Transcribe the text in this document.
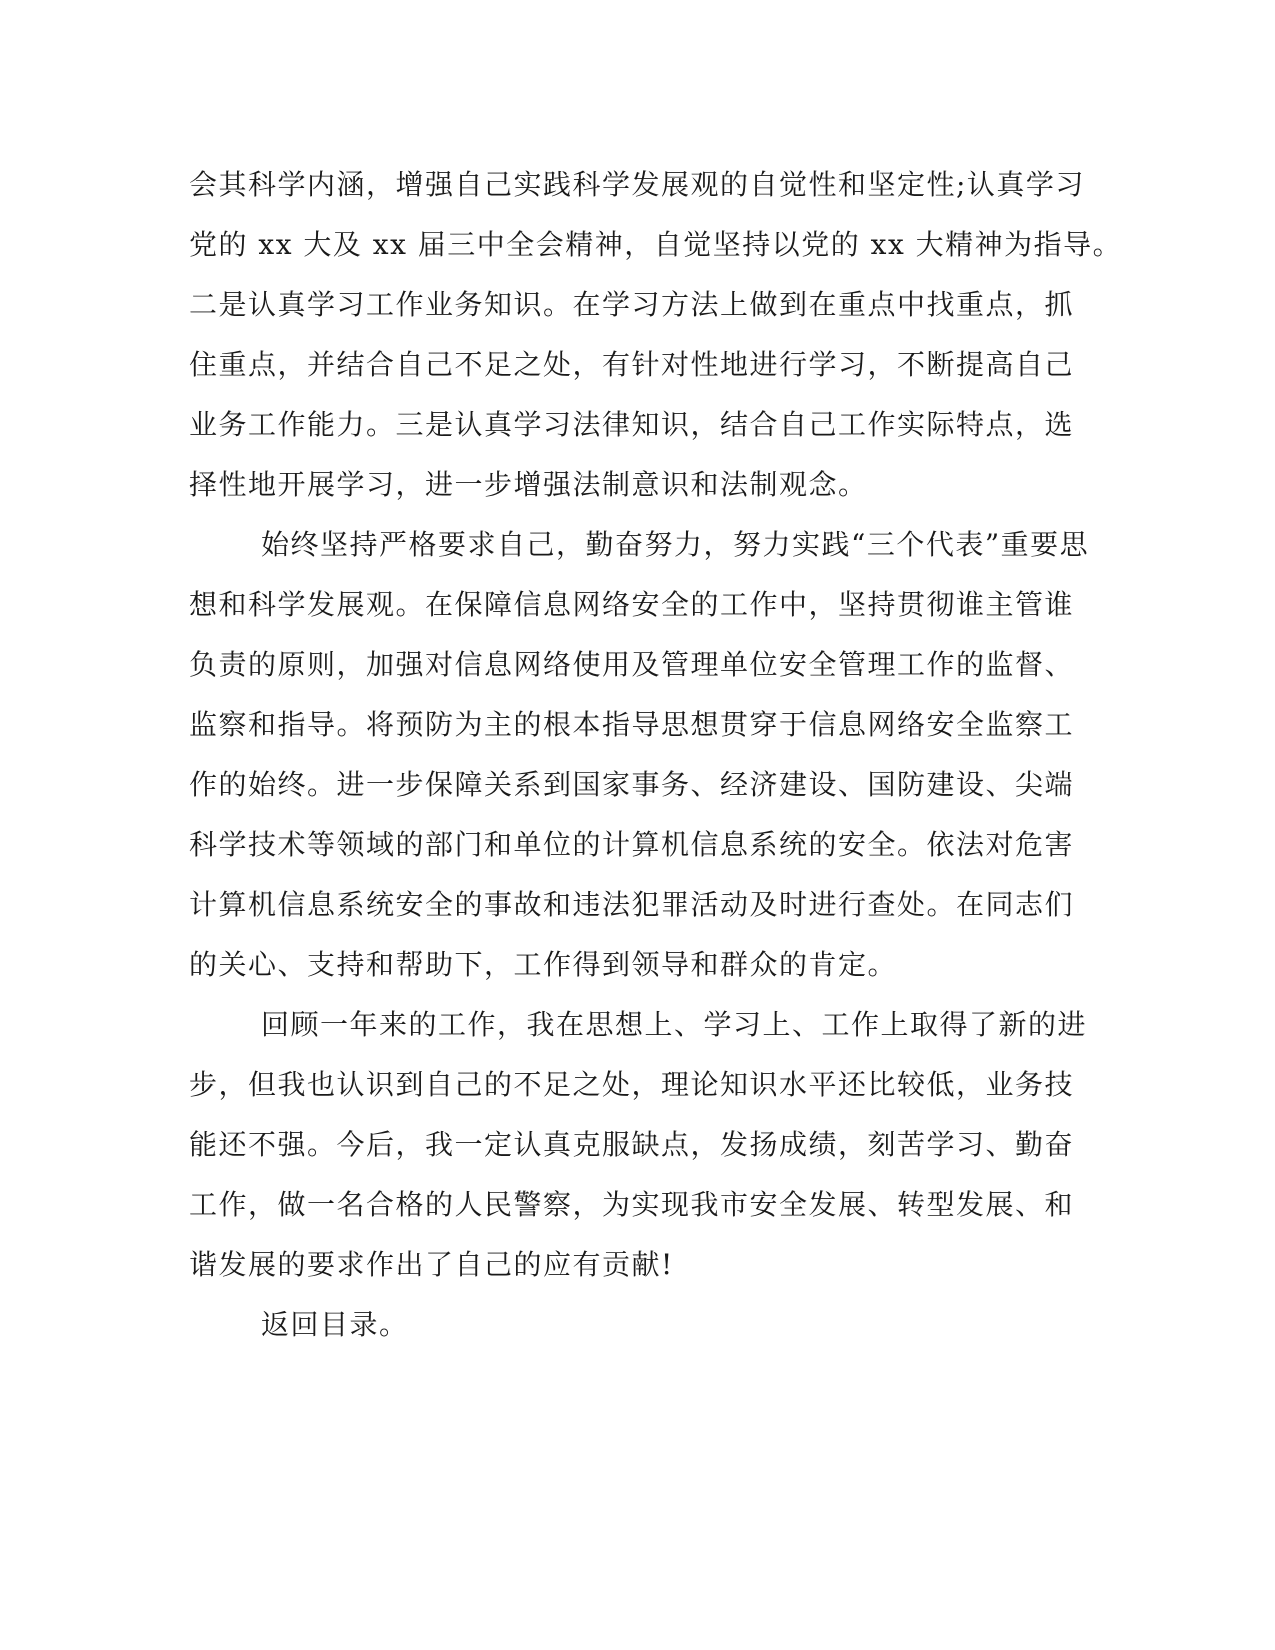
会其科学内涵，增强自己实践科学发展观的自觉性和坚定性;认真学习
党的 xx 大及 xx 届三中全会精神，自觉坚持以党的 xx 大精神为指导。
二是认真学习工作业务知识。在学习方法上做到在重点中找重点，抓
住重点，并结合自己不足之处，有针对性地进行学习，不断提高自己
业务工作能力。三是认真学习法律知识，结合自己工作实际特点，选
择性地开展学习，进一步增强法制意识和法制观念。
始终坚持严格要求自己，勤奋努力，努力实践“三个代表”重要思
想和科学发展观。在保障信息网络安全的工作中，坚持贯彻谁主管谁
负责的原则，加强对信息网络使用及管理单位安全管理工作的监督、
监察和指导。将预防为主的根本指导思想贯穿于信息网络安全监察工
作的始终。进一步保障关系到国家事务、经济建设、国防建设、尖端
科学技术等领域的部门和单位的计算机信息系统的安全。依法对危害
计算机信息系统安全的事故和违法犯罪活动及时进行查处。在同志们
的关心、支持和帮助下，工作得到领导和群众的肯定。
回顾一年来的工作，我在思想上、学习上、工作上取得了新的进
步，但我也认识到自己的不足之处，理论知识水平还比较低，业务技
能还不强。今后，我一定认真克服缺点，发扬成绩，刻苦学习、勤奋
工作，做一名合格的人民警察，为实现我市安全发展、转型发展、和
谐发展的要求作出了自己的应有贡献!
返回目录。
